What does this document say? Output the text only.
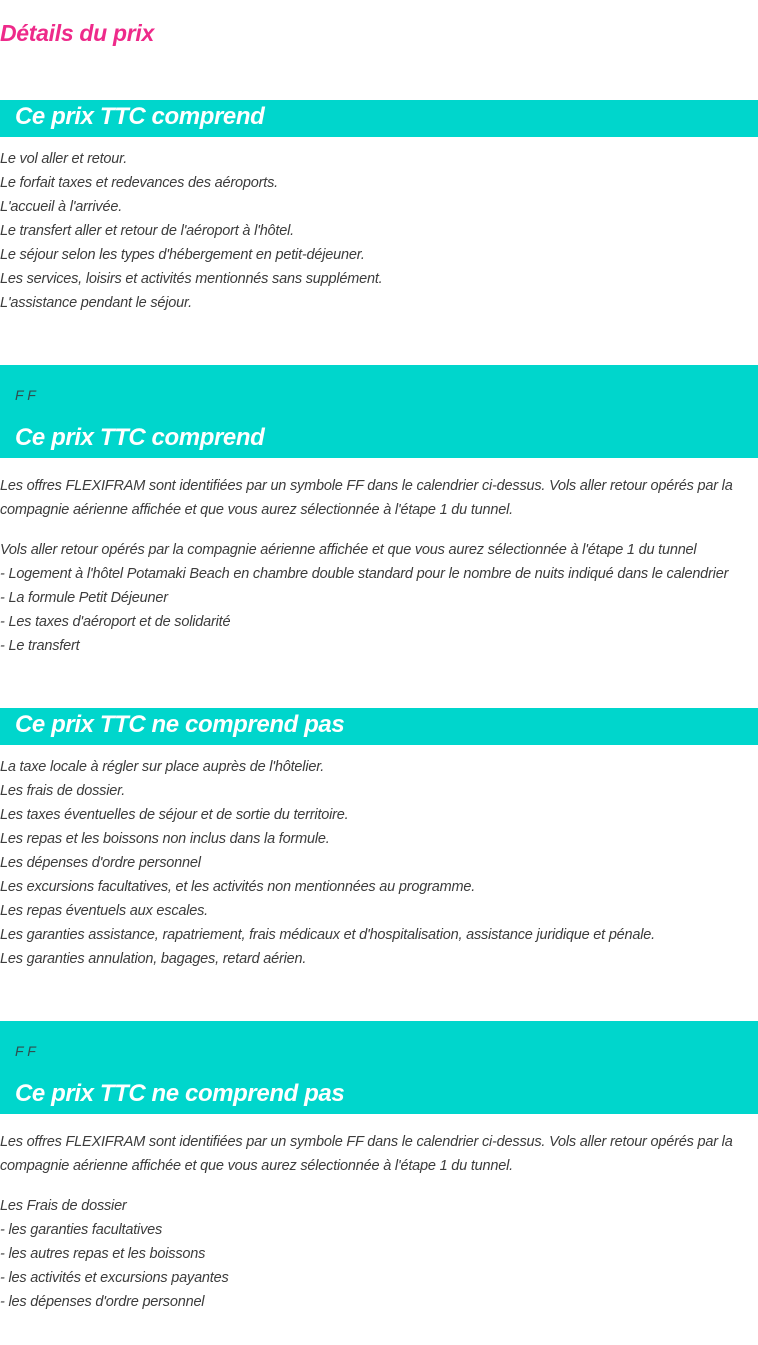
Détails du prix
Ce prix TTC comprend
Le vol aller et retour.
Le forfait taxes et redevances des aéroports.
L'accueil à l'arrivée.
Le transfert aller et retour de l'aéroport à l'hôtel.
Le séjour selon les types d'hébergement en petit-déjeuner.
Les services, loisirs et activités mentionnés sans supplément.
L'assistance pendant le séjour.
F F
Ce prix TTC comprend
Les offres FLEXIFRAM sont identifiées par un symbole FF dans le calendrier ci-dessus. Vols aller retour opérés par la compagnie aérienne affichée et que vous aurez sélectionnée à l'étape 1 du tunnel.
Vols aller retour opérés par la compagnie aérienne affichée et que vous aurez sélectionnée à l'étape 1 du tunnel
- Logement à l'hôtel Potamaki Beach en chambre double standard pour le nombre de nuits indiqué dans le calendrier
- La formule Petit Déjeuner
- Les taxes d'aéroport et de solidarité
- Le transfert
Ce prix TTC ne comprend pas
La taxe locale à régler sur place auprès de l'hôtelier.
Les frais de dossier.
Les taxes éventuelles de séjour et de sortie du territoire.
Les repas et les boissons non inclus dans la formule.
Les dépenses d'ordre personnel
Les excursions facultatives, et les activités non mentionnées au programme.
Les repas éventuels aux escales.
Les garanties assistance, rapatriement, frais médicaux et d'hospitalisation, assistance juridique et pénale.
Les garanties annulation, bagages, retard aérien.
F F
Ce prix TTC ne comprend pas
Les offres FLEXIFRAM sont identifiées par un symbole FF dans le calendrier ci-dessus. Vols aller retour opérés par la compagnie aérienne affichée et que vous aurez sélectionnée à l'étape 1 du tunnel.
Les Frais de dossier
- les garanties facultatives
- les autres repas et les boissons
- les activités et excursions payantes
- les dépenses d'ordre personnel
